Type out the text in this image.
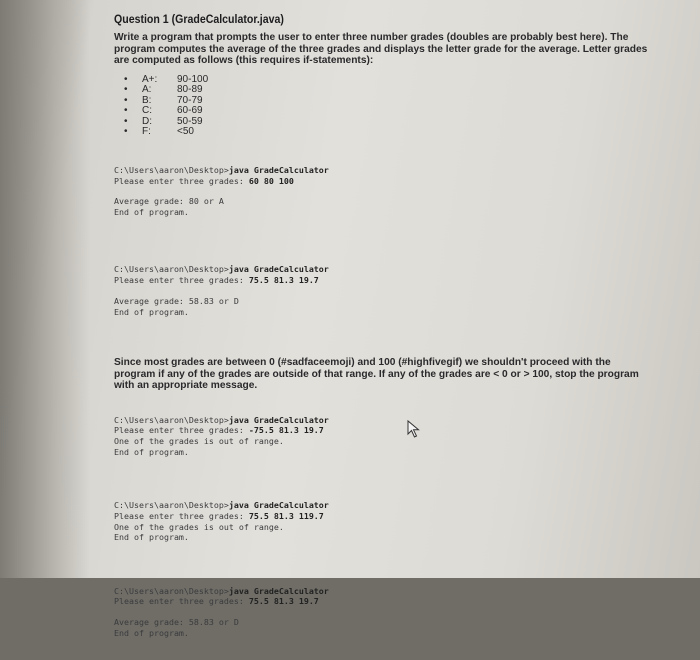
Question 1 (GradeCalculator.java)

Write a program that prompts the user to enter three number grades (doubles are probably best here). The program computes the average of the three grades and displays the letter grade for the average. Letter grades are computed as follows (this requires if-statements):

•	A+:	90-100
•	A:	80-89
•	B:	70-79
•	C:	60-69
•	D:	50-59
•	F:	<50

C:\Users\aaron\Desktop>java GradeCalculator
Please enter three grades: 60 80 100
Average grade: 80 or A
End of program.

C:\Users\aaron\Desktop>java GradeCalculator
Please enter three grades: 75.5 81.3 19.7
Average grade: 58.83 or D
End of program.

Since most grades are between 0 (#sadfaceemoji) and 100 (#highfivegif) we shouldn't proceed with the program if any of the grades are outside of that range. If any of the grades are < 0 or > 100, stop the program with an appropriate message.

C:\Users\aaron\Desktop>java GradeCalculator
Please enter three grades: -75.5 81.3 19.7
One of the grades is out of range.
End of program.

C:\Users\aaron\Desktop>java GradeCalculator
Please enter three grades: 75.5 81.3 119.7
One of the grades is out of range.
End of program.

C:\Users\aaron\Desktop>java GradeCalculator
Please enter three grades: 75.5 81.3 19.7
Average grade: 58.83 or D
End of program.
